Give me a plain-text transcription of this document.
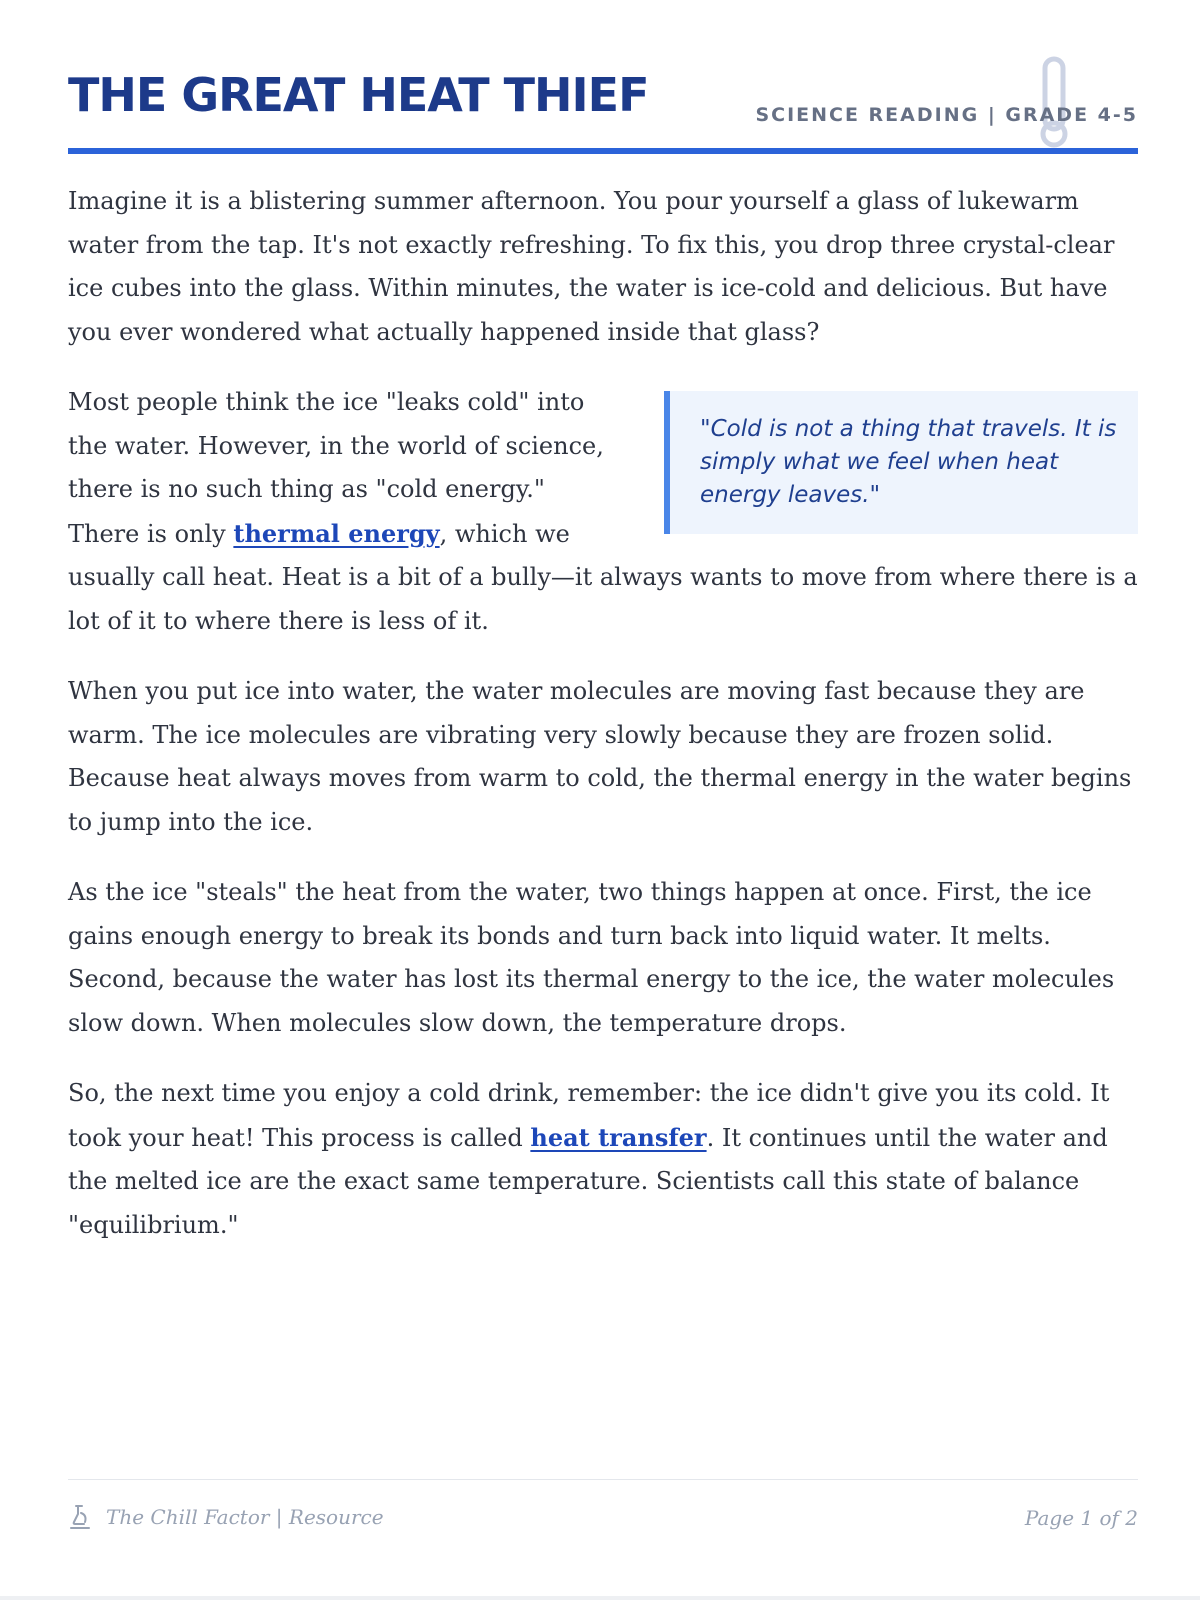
THE GREAT HEAT THIEF	SCIENCE READING | GRADE 4-5

Imagine it is a blistering summer afternoon. You pour yourself a glass of lukewarm water from the tap. It's not exactly refreshing. To fix this, you drop three crystal-clear ice cubes into the glass. Within minutes, the water is ice-cold and delicious. But have you ever wondered what actually happened inside that glass?

"Cold is not a thing that travels. It is simply what we feel when heat energy leaves."

Most people think the ice "leaks cold" into the water. However, in the world of science, there is no such thing as "cold energy." There is only thermal energy, which we usually call heat. Heat is a bit of a bully—it always wants to move from where there is a lot of it to where there is less of it.

When you put ice into water, the water molecules are moving fast because they are warm. The ice molecules are vibrating very slowly because they are frozen solid. Because heat always moves from warm to cold, the thermal energy in the water begins to jump into the ice.

As the ice "steals" the heat from the water, two things happen at once. First, the ice gains enough energy to break its bonds and turn back into liquid water. It melts. Second, because the water has lost its thermal energy to the ice, the water molecules slow down. When molecules slow down, the temperature drops.

So, the next time you enjoy a cold drink, remember: the ice didn't give you its cold. It took your heat! This process is called heat transfer. It continues until the water and the melted ice are the exact same temperature. Scientists call this state of balance "equilibrium."

The Chill Factor | Resource	Page 1 of 2
